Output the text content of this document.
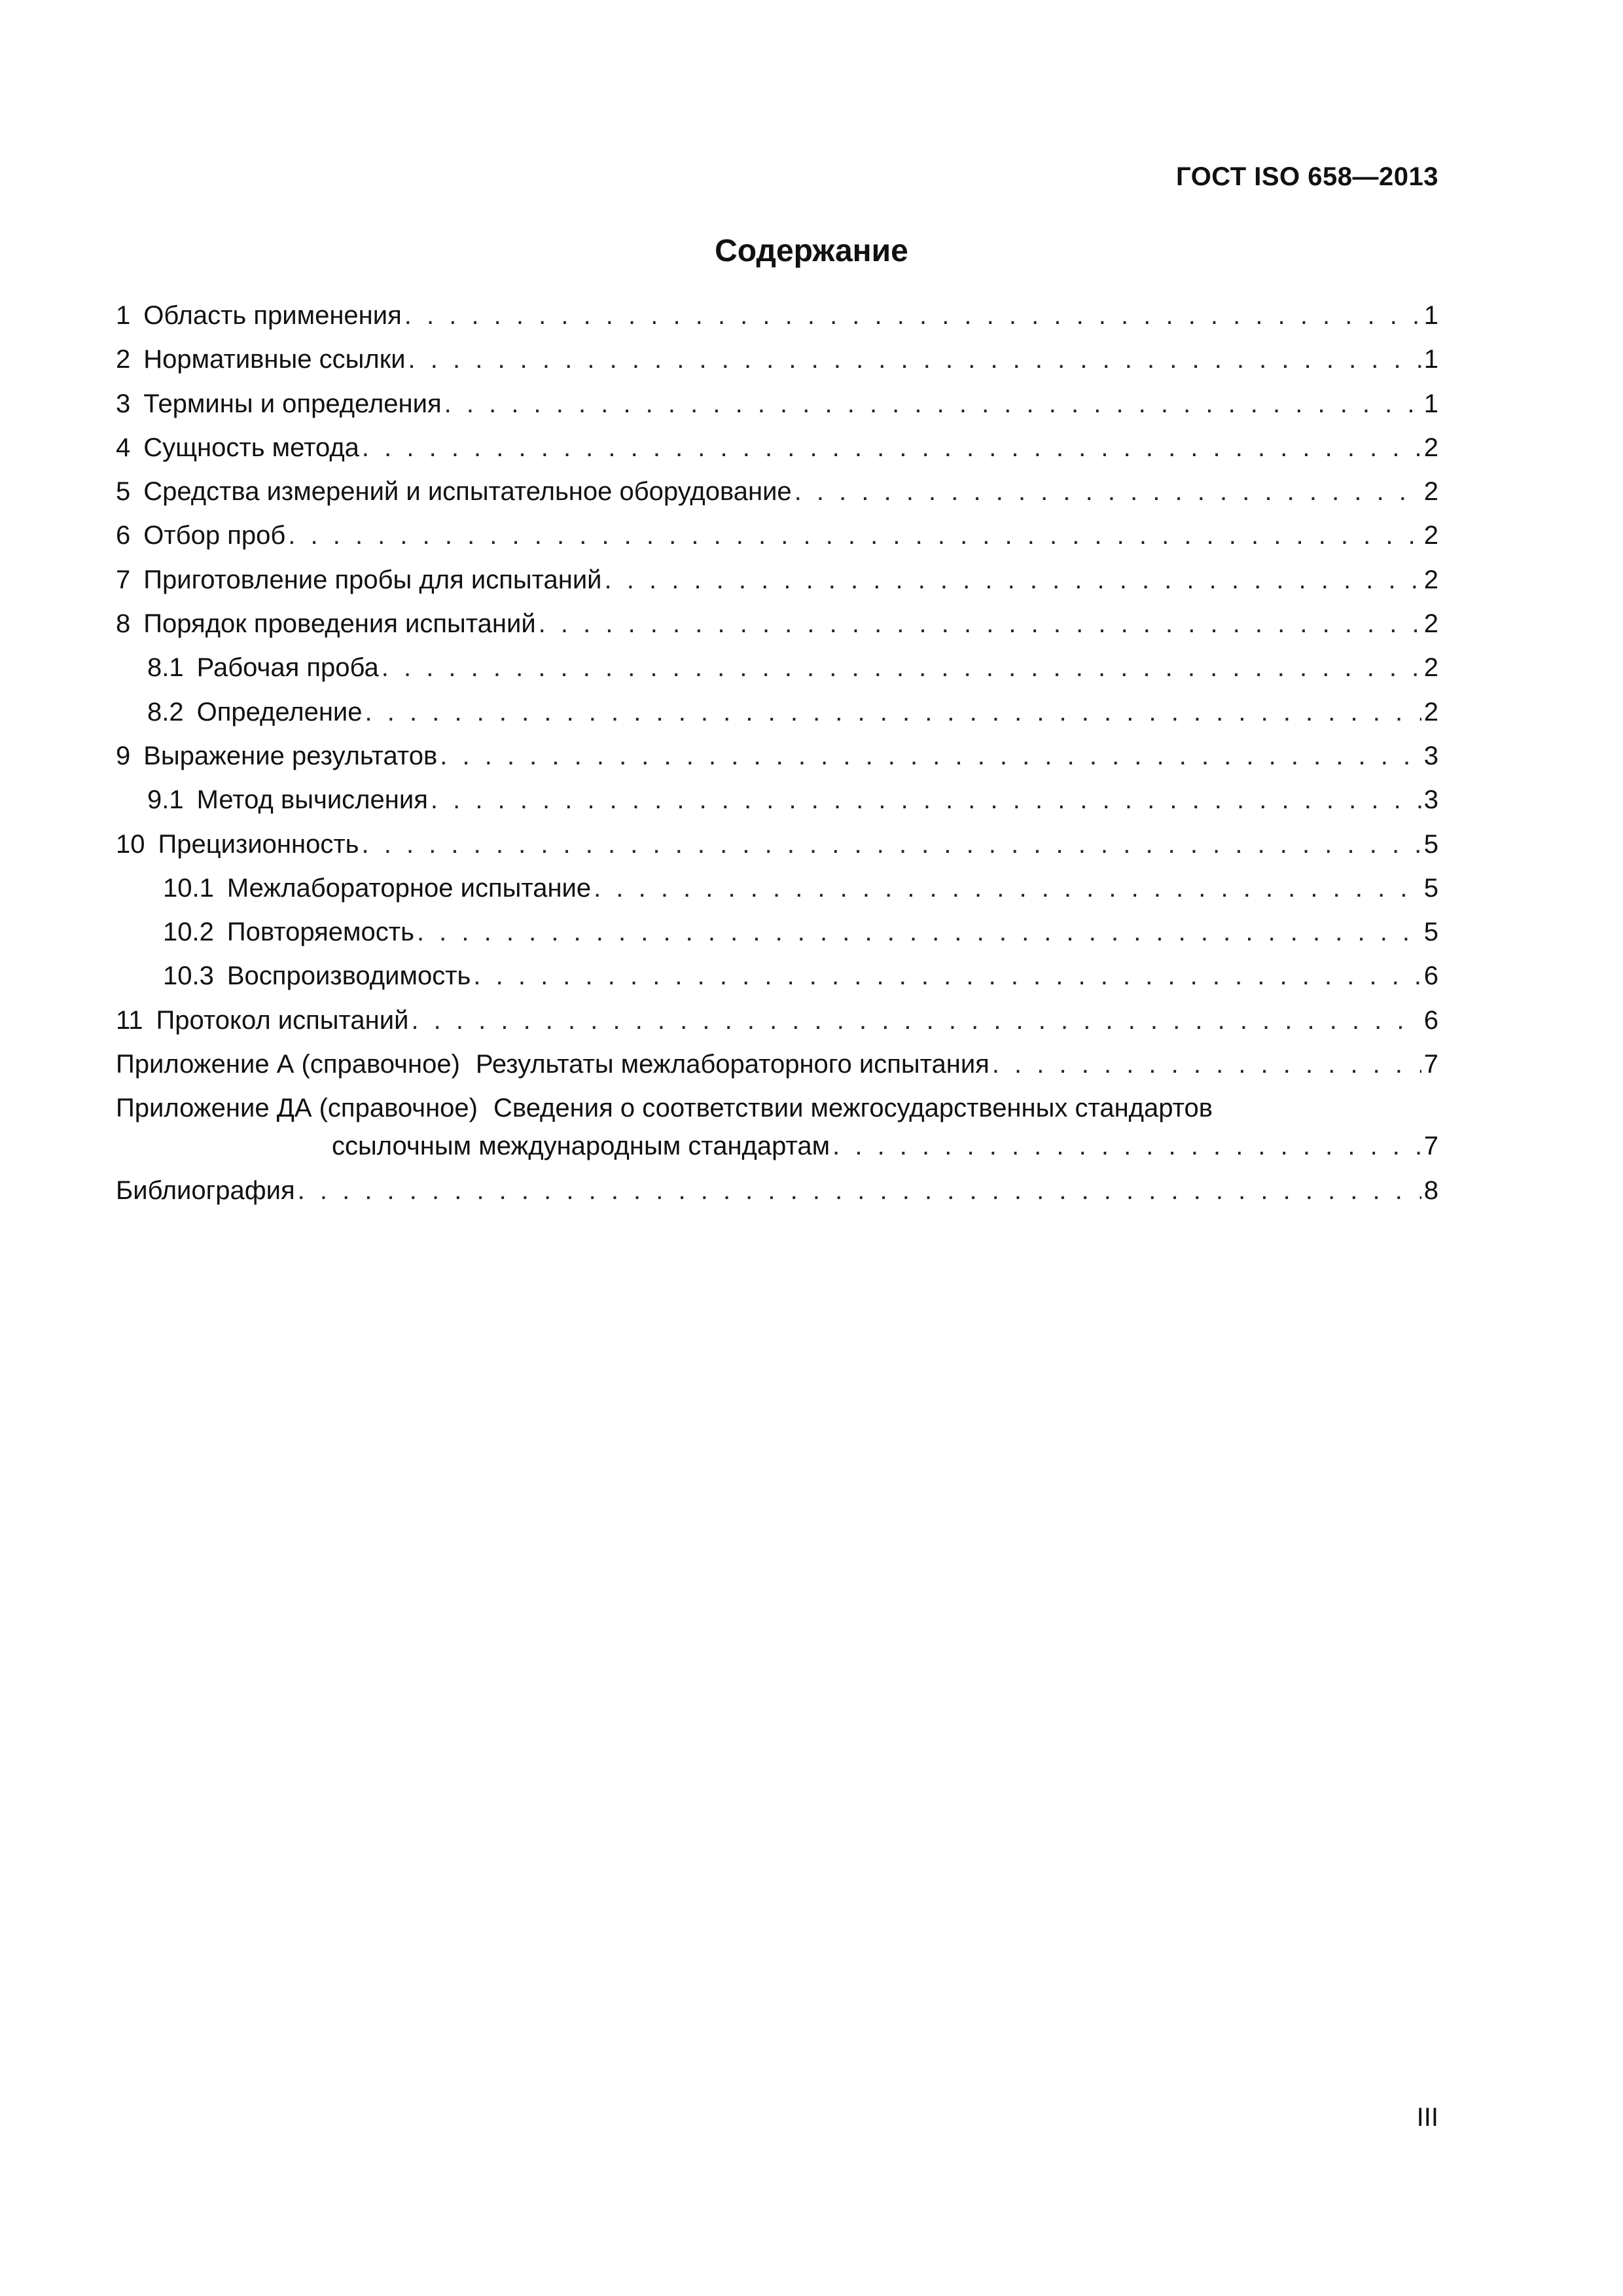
ГОСТ ISO 658—2013
Содержание
1 Область применения . . .	1
2 Нормативные ссылки . . .	1
3 Термины и определения . . .	1
4 Сущность метода . . .	2
5 Средства измерений и испытательное оборудование . . .	2
6 Отбор проб . . .	2
7 Приготовление пробы для испытаний . . .	2
8 Порядок проведения испытаний . . .	2
8.1 Рабочая проба . . .	2
8.2 Определение . . .	2
9 Выражение результатов . . .	3
9.1 Метод вычисления . . .	3
10 Прецизионность . . .	5
10.1 Межлабораторное испытание . . .	5
10.2 Повторяемость . . .	5
10.3 Воспроизводимость . . .	6
11 Протокол испытаний . . .	6
Приложение А (справочное) Результаты межлабораторного испытания . . .	7
Приложение ДА (справочное) Сведения о соответствии межгосударственных стандартов
ссылочным международным стандартам . . .	7
Библиография . . .	8
III
